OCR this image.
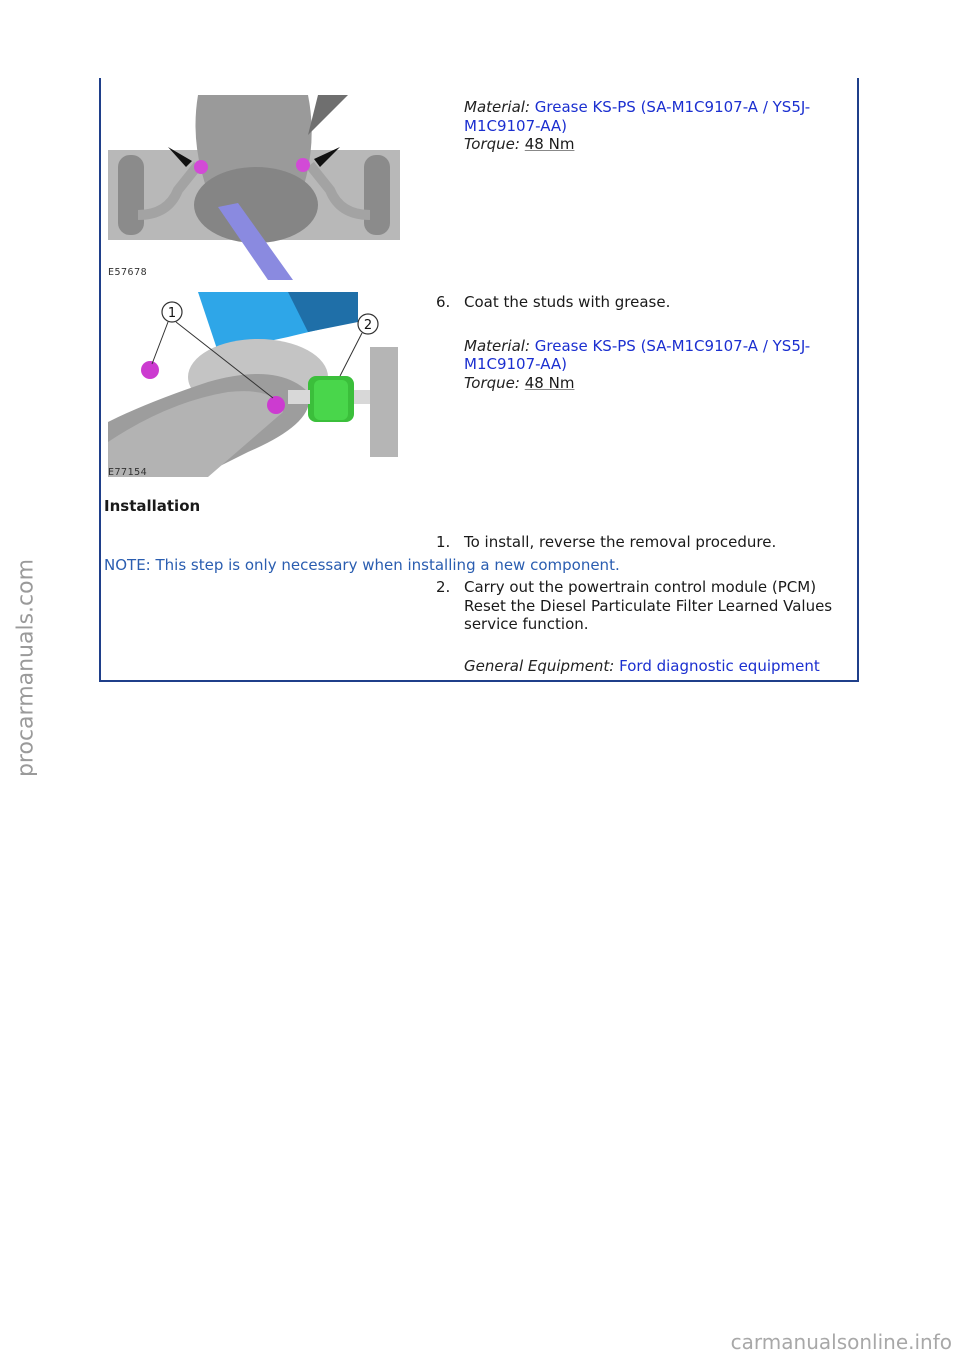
E57678
Material: Grease KS-PS (SA-M1C9107-A / YS5J-
M1C9107-AA)
Torque: 48 Nm
1
2
E77154
6. Coat the studs with grease.
Material: Grease KS-PS (SA-M1C9107-A / YS5J-
M1C9107-AA)
Torque: 48 Nm
Installation
1. To install, reverse the removal procedure.
NOTE: This step is only necessary when installing a new component.
2. Carry out the powertrain control module (PCM)
Reset the Diesel Particulate Filter Learned Values
service function.
General Equipment: Ford diagnostic equipment
procarmanuals.com
carmanualsonline.info
